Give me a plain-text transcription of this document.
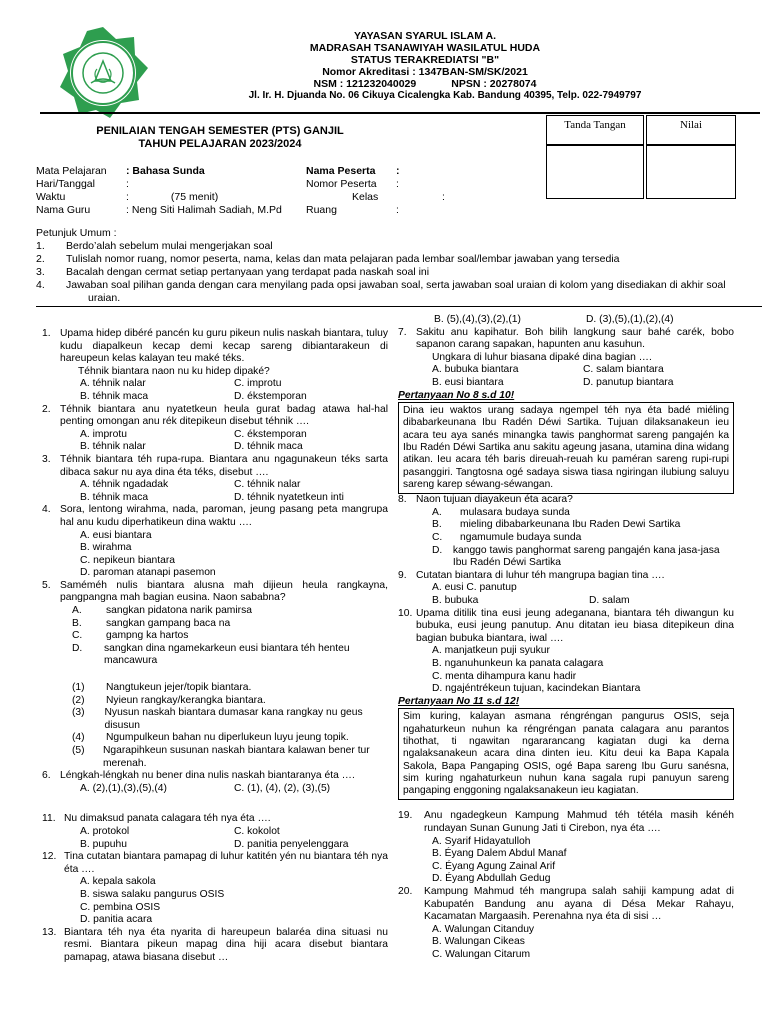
YAYASAN SYARUL ISLAM A.
MADRASAH TSANAWIYAH WASILATUL HUDA
STATUS TERAKREDIATSI "B"
Nomor Akreditasi : 1347BAN-SM/SK/2021
NSM : 121232040029	NPSN : 20278074
Jl. Ir. H. Djuanda No. 06 Cikuya Cicalengka Kab. Bandung 40395, Telp. 022-7949797
PENILAIAN TENGAH SEMESTER (PTS) GANJIL
TAHUN PELAJARAN 2023/2024
Tanda Tangan	Nilai
Mata Pelajaran	: Bahasa Sunda
Hari/Tanggal	:
Waktu	:	(75 menit)
Nama Guru	: Neng Siti Halimah Sadiah, M.Pd
Nama Peserta	:
Nomor Peserta	:
Kelas	:
Ruang	:
Petunjuk Umum :
1. Berdo’alah sebelum mulai mengerjakan soal
2. Tulislah nomor ruang, nomor peserta, nama, kelas dan mata pelajaran pada lembar soal/lembar jawaban yang tersedia
3. Bacalah dengan cermat setiap pertanyaan yang terdapat pada naskah soal ini
4. Jawaban soal pilihan ganda dengan cara menyilang pada opsi jawaban soal, serta jawaban soal uraian di kolom yang disediakan di akhir soal
uraian.
1. Upama hidep dibéré pancén ku guru pikeun nulis naskah biantara, tuluy kudu diapalkeun kecap demi kecap sareng dibiantarakeun di hareupeun kelas kalayan teu maké téks.
Téhnik biantara naon nu ku hidep dipaké?
A. téhnik nalar	C. improtu
B. téhnik maca	D. ékstemporan
2. Téhnik biantara anu nyatetkeun heula gurat badag atawa hal-hal penting omongan anu rék ditepikeun disebut téhnik ….
A. improtu	C. ékstemporan
B. téhnik nalar	D. téhnik maca
3. Téhnik biantara téh rupa-rupa. Biantara anu ngagunakeun téks sarta dibaca sakur nu aya dina éta téks, disebut ….
A. téhnik ngadadak	C. téhnik nalar
B. téhnik maca	D. téhnik nyatetkeun inti
4. Sora, lentong wirahma, nada, paroman, jeung pasang peta mangrupa hal anu kudu diperhatikeun dina waktu ….
A. eusi biantara
B. wirahma
C. nepikeun biantara
D. paroman atanapi pasemon
5. Saméméh nulis biantara alusna mah dijieun heula rangkayna, pangpangna mah bagian eusina. Naon sababna?
A.	sangkan pidatona narik pamirsa
B.	sangkan gampang baca na
C.	gampng ka hartos
D.	sangkan dina ngamekarkeun eusi biantara téh henteu mancawura
(1)	Nangtukeun jejer/topik biantara.
(2)	Nyieun rangkay/kerangka biantara.
(3)	Nyusun naskah biantara dumasar kana rangkay nu geus disusun
(4)	Ngumpulkeun bahan nu diperlukeun luyu jeung topik.
(5)	Ngarapihkeun susunan naskah biantara kalawan bener tur merenah.
6. Léngkah-léngkah nu bener dina nulis naskah biantaranya éta ….
A. (2),(1),(3),(5),(4)	C. (1), (4), (2), (3),(5)
11. Nu dimaksud panata calagara téh nya éta ….
A. protokol	C. kokolot
B. pupuhu	D. panitia penyelenggara
12. Tina cutatan biantara pamapag di luhur katitén yén nu biantara téh nya éta ….
A. kepala sakola
B. siswa salaku pangurus OSIS
C. pembina OSIS
D. panitia acara
13. Biantara téh nya éta nyarita di hareupeun balaréa dina situasi nu resmi. Biantara pikeun mapag dina hiji acara disebut biantara pamapag, atawa biasana disebut …
B. (5),(4),(3),(2),(1)	D. (3),(5),(1),(2),(4)
7. Sakitu anu kapihatur. Boh bilih langkung saur bahé carék, bobo sapanon carang sapakan, hapunten anu kasuhun.
Ungkara di luhur biasana dipaké dina bagian ….
A. bubuka biantara	C. salam biantara
B. eusi biantara	D. panutup biantara
Pertanyaan No 8 s.d 10!
Dina ieu waktos urang sadaya ngempel téh nya éta badé miéling dibabarkeunana Ibu Radén Déwi Sartika. Tujuan dilaksanakeun ieu acara teu aya sanés minangka tawis panghormat sareng pangajén ka Ibu Radén Déwi Sartika anu sakitu ageung jasana, utamina dina widang atikan. Ieu acara téh baris direuah-reuah ku paméran sareng rupi-rupi pasanggiri. Tangtosna ogé sadaya siswa tiasa ngiringan ilubiung saluyu sareng karep séwang-séwangan.
8. Naon tujuan diayakeun éta acara?
A.	mulasara budaya sunda
B.	mieling dibabarkeunana Ibu Raden Dewi Sartika
C.	ngamumule budaya sunda
D.	kanggo tawis panghormat sareng pangajén kana jasa-jasa Ibu Radén Déwi Sartika
9. Cutatan biantara di luhur téh mangrupa bagian tina ….
A. eusi C. panutup
B. bubuka	D. salam
10. Upama ditilik tina eusi jeung adeganana, biantara téh diwangun ku bubuka, eusi jeung panutup. Anu ditatan ieu biasa ditepikeun dina bagian bubuka biantara, iwal ….
A. manjatkeun puji syukur
B. nganuhunkeun ka panata calagara
C. menta dihampura kanu hadir
D. ngajéntrékeun tujuan, kacindekan Biantara
Pertanyaan No 11 s.d 12!
Sim kuring, kalayan asmana réngréngan pangurus OSIS, seja ngahaturkeun nuhun ka réngréngan panata calagara anu parantos tihothat, ti ngawitan ngararancang kagiatan dugi ka derna ngalaksanakeun acara dina dinten ieu. Kitu deui ka Bapa Kapala Sakola, Bapa Pangaping OSIS, ogé Bapa sareng Ibu Guru sanésna, sim kuring ngahaturkeun nuhun kana sagala rupi panuyun sareng pangaping enggoning ngalaksanakeun ieu kagiatan.
19. Anu ngadegkeun Kampung Mahmud téh tétéla masih kénéh rundayan Sunan Gunung Jati ti Cirebon, nya éta ….
A. Syarif Hidayatulloh
B. Éyang Dalem Abdul Manaf
C. Éyang Agung Zainal Arif
D. Éyang Abdullah Gedug
20. Kampung Mahmud téh mangrupa salah sahiji kampung adat di Kabupatén Bandung anu ayana di Désa Mekar Rahayu, Kacamatan Margaasih. Perenahna nya éta di sisi …
A. Walungan Citanduy
B. Walungan Cikeas
C. Walungan Citarum
